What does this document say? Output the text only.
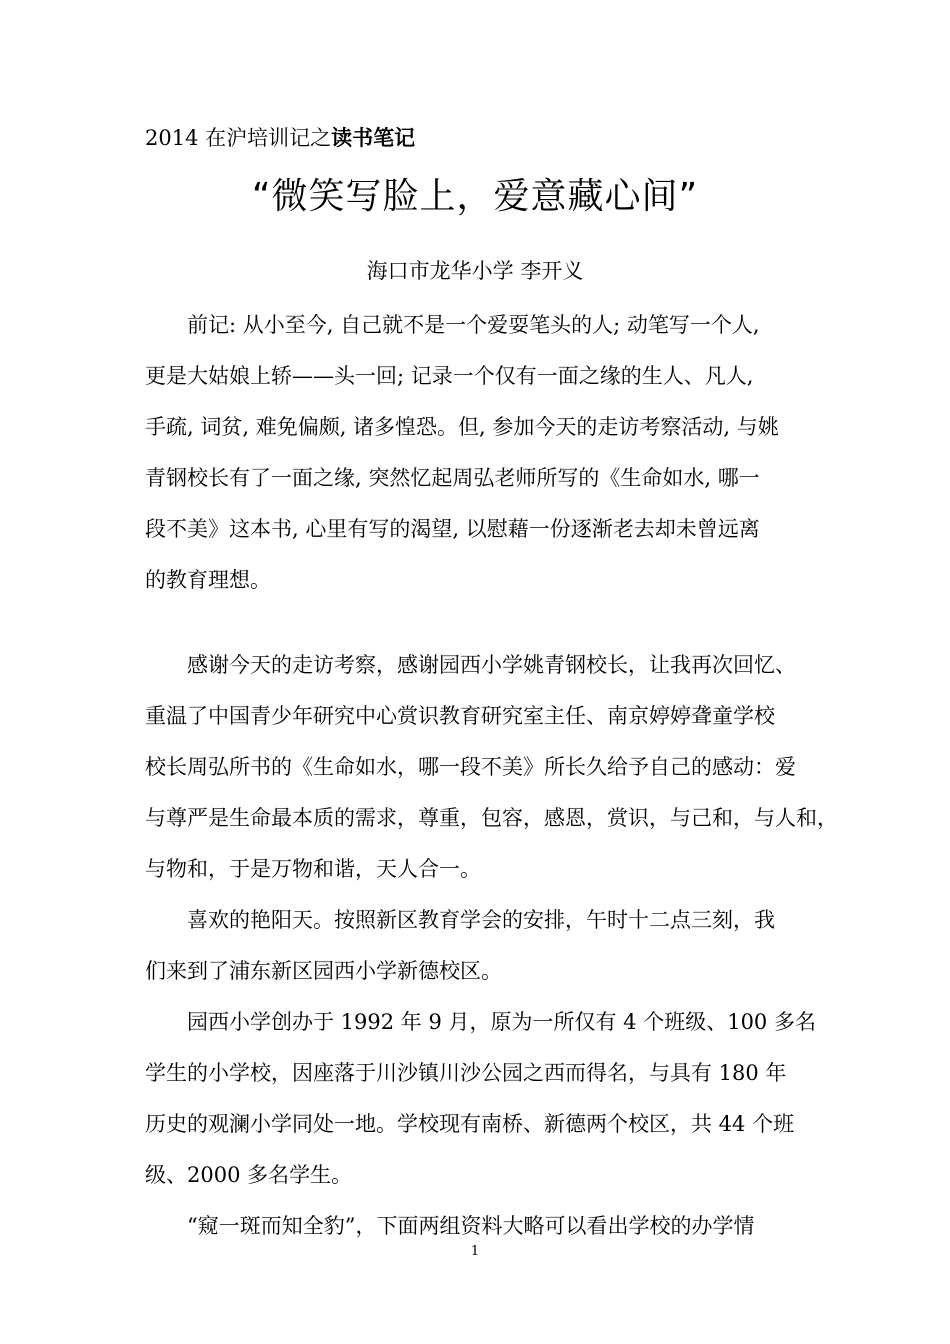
2014 在沪培训记之读书笔记
“微笑写脸上，爱意藏心间”
海口市龙华小学 李开义
前记: 从小至今, 自己就不是一个爱耍笔头的人; 动笔写一个人,
更是大姑娘上轿——头一回; 记录一个仅有一面之缘的生人、凡人,
手疏, 词贫, 难免偏颇, 诸多惶恐。但, 参加今天的走访考察活动, 与姚
青钢校长有了一面之缘, 突然忆起周弘老师所写的《生命如水, 哪一
段不美》这本书, 心里有写的渴望, 以慰藉一份逐渐老去却未曾远离
的教育理想。
感谢今天的走访考察，感谢园西小学姚青钢校长，让我再次回忆、
重温了中国青少年研究中心赏识教育研究室主任、南京婷婷聋童学校
校长周弘所书的《生命如水，哪一段不美》所长久给予自己的感动：爱
与尊严是生命最本质的需求，尊重，包容，感恩，赏识，与己和，与人和，
与物和，于是万物和谐，天人合一。
喜欢的艳阳天。按照新区教育学会的安排，午时十二点三刻，我
们来到了浦东新区园西小学新德校区。
园西小学创办于 1992 年 9 月，原为一所仅有 4 个班级、100 多名
学生的小学校，因座落于川沙镇川沙公园之西而得名，与具有 180 年
历史的观澜小学同处一地。学校现有南桥、新德两个校区，共 44 个班
级、2000 多名学生。
“窥一斑而知全豹”，下面两组资料大略可以看出学校的办学情
1
